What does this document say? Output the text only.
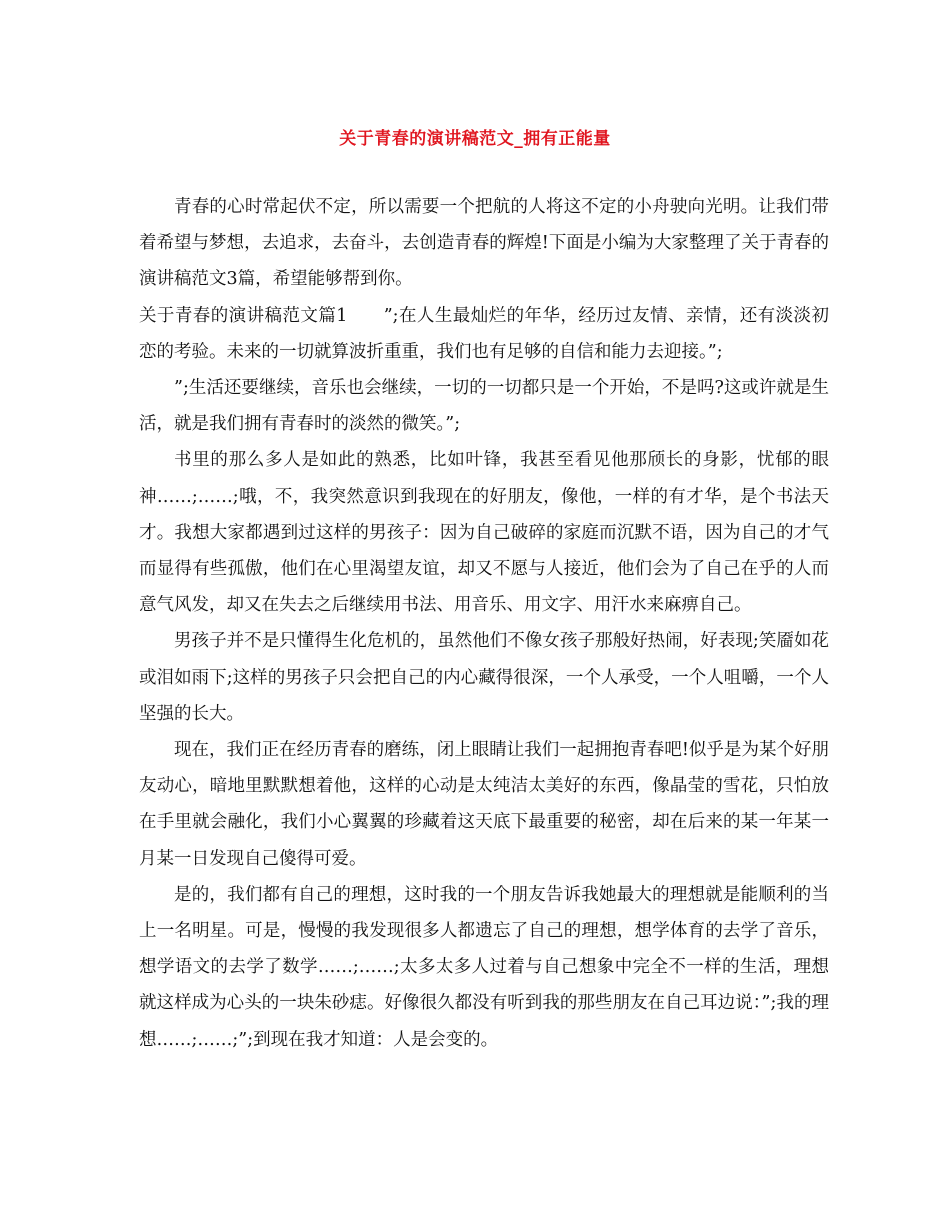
关于青春的演讲稿范文_拥有正能量

青春的心时常起伏不定，所以需要一个把航的人将这不定的小舟驶向光明。让我们带着希望与梦想，去追求，去奋斗，去创造青春的辉煌!下面是小编为大家整理了关于青春的演讲稿范文3篇，希望能够帮到你。

关于青春的演讲稿范文篇1　　”;在人生最灿烂的年华，经历过友情、亲情，还有淡淡初恋的考验。未来的一切就算波折重重，我们也有足够的自信和能力去迎接。”;

”;生活还要继续，音乐也会继续，一切的一切都只是一个开始，不是吗?这或许就是生活，就是我们拥有青春时的淡然的微笑。”;

书里的那么多人是如此的熟悉，比如叶锋，我甚至看见他那颀长的身影，忧郁的眼神……;……;哦，不，我突然意识到我现在的好朋友，像他，一样的有才华，是个书法天才。我想大家都遇到过这样的男孩子：因为自己破碎的家庭而沉默不语，因为自己的才气而显得有些孤傲，他们在心里渴望友谊，却又不愿与人接近，他们会为了自己在乎的人而意气风发，却又在失去之后继续用书法、用音乐、用文字、用汗水来麻痹自己。

男孩子并不是只懂得生化危机的，虽然他们不像女孩子那般好热闹，好表现;笑靥如花或泪如雨下;这样的男孩子只会把自己的内心藏得很深，一个人承受，一个人咀嚼，一个人坚强的长大。

现在，我们正在经历青春的磨练，闭上眼睛让我们一起拥抱青春吧!似乎是为某个好朋友动心，暗地里默默想着他，这样的心动是太纯洁太美好的东西，像晶莹的雪花，只怕放在手里就会融化，我们小心翼翼的珍藏着这天底下最重要的秘密，却在后来的某一年某一月某一日发现自己傻得可爱。

是的，我们都有自己的理想，这时我的一个朋友告诉我她最大的理想就是能顺利的当上一名明星。可是，慢慢的我发现很多人都遗忘了自己的理想，想学体育的去学了音乐，想学语文的去学了数学……;……;太多太多人过着与自己想象中完全不一样的生活，理想就这样成为心头的一块朱砂痣。好像很久都没有听到我的那些朋友在自己耳边说：”;我的理想……;……;”;到现在我才知道：人是会变的。
